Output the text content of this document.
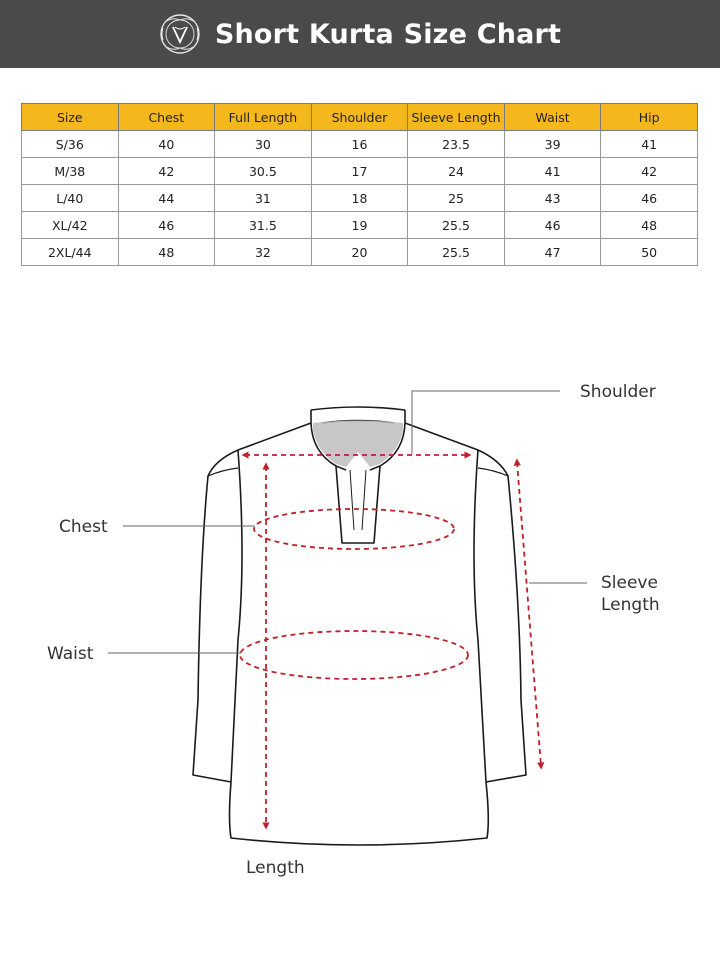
Short Kurta Size Chart
Size	Chest	Full Length	Shoulder	Sleeve Length	Waist	Hip
S/36	40	30	16	23.5	39	41
M/38	42	30.5	17	24	41	42
L/40	44	31	18	25	43	46
XL/42	46	31.5	19	25.5	46	48
2XL/44	48	32	20	25.5	47	50
Shoulder
Chest
Sleeve
Length
Waist
Length
